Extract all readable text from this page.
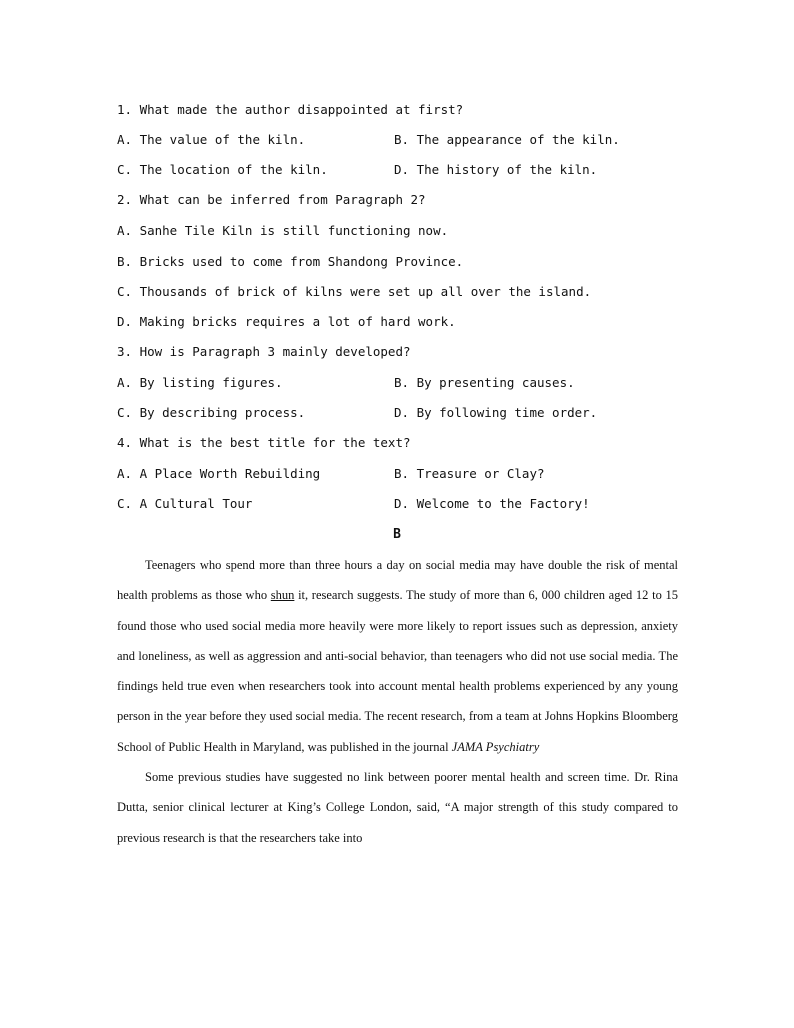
1. What made the author disappointed at first?
A. The value of the kiln.	B. The appearance of the kiln.
C. The location of the kiln.	D. The history of the kiln.
2. What can be inferred from Paragraph 2?
A. Sanhe Tile Kiln is still functioning now.
B. Bricks used to come from Shandong Province.
C. Thousands of brick of kilns were set up all over the island.
D. Making bricks requires a lot of hard work.
3. How is Paragraph 3 mainly developed?
A. By listing figures.	B. By presenting causes.
C. By describing process.	D. By following time order.
4. What is the best title for the text?
A. A Place Worth Rebuilding	B. Treasure or Clay?
C. A Cultural Tour	D. Welcome to the Factory!
B

Teenagers who spend more than three hours a day on social media may have double the risk of mental health problems as those who shun it, research suggests. The study of more than 6, 000 children aged 12 to 15 found those who used social media more heavily were more likely to report issues such as depression, anxiety and loneliness, as well as aggression and anti-social behavior, than teenagers who did not use social media. The findings held true even when researchers took into account mental health problems experienced by any young person in the year before they used social media. The recent research, from a team at Johns Hopkins Bloomberg School of Public Health in Maryland, was published in the journal JAMA Psychiatry

Some previous studies have suggested no link between poorer mental health and screen time. Dr. Rina Dutta, senior clinical lecturer at King’s College London, said, “A major strength of this study compared to previous research is that the researchers take into
